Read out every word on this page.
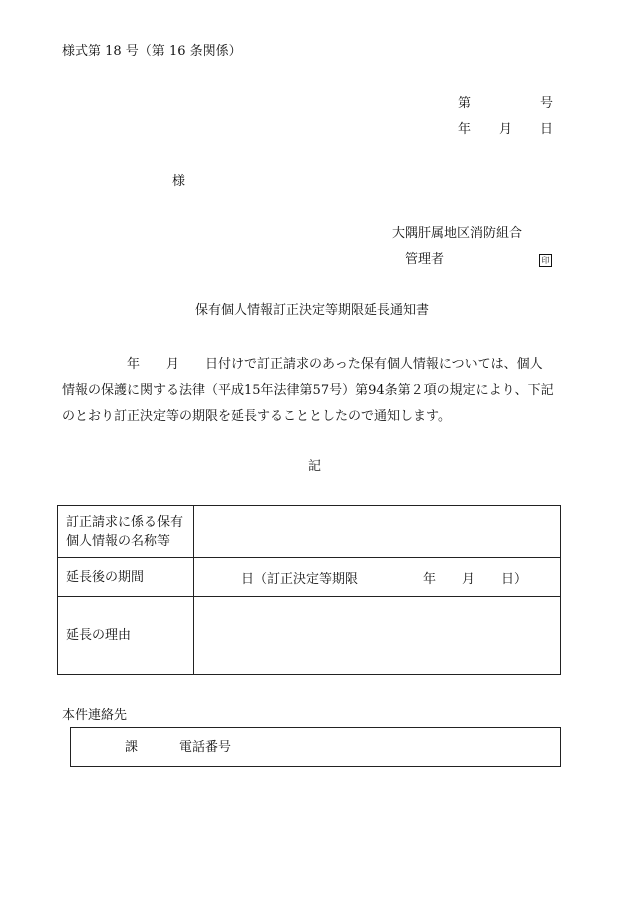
様式第 18 号（第 16 条関係）
第	号
年 月 日
様
大隅肝属地区消防組合
管理者	印
保有個人情報訂正決定等期限延長通知書
　　　　　年　　月　　日付けで訂正請求のあった保有個人情報については、個人
情報の保護に関する法律（平成15年法律第57号）第94条第２項の規定により、下記
のとおり訂正決定等の期限を延長することとしたので通知します。
記
訂正請求に係る保有
個人情報の名称等	

延長後の期間	　　　日（訂正決定等期限　　　　　年　　月　　日）
延長の理由	
本件連絡先
課	電話番号
